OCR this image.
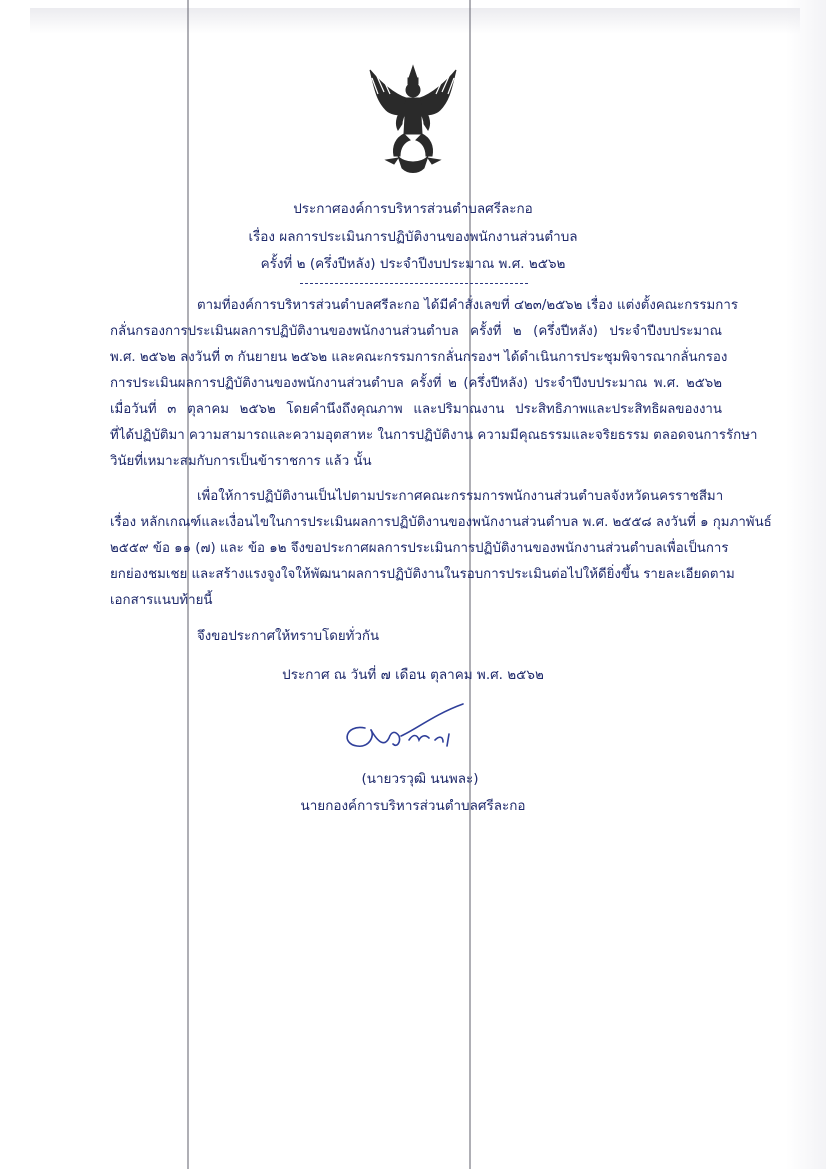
ประกาศองค์การบริหารส่วนตำบลศรีละกอ
เรื่อง ผลการประเมินการปฏิบัติงานของพนักงานส่วนตำบล
ครั้งที่ ๒ (ครึ่งปีหลัง) ประจำปีงบประมาณ พ.ศ. ๒๕๖๒
ตามที่องค์การบริหารส่วนตำบลศรีละกอ ได้มีคำสั่งเลขที่ ๔๒๓/๒๕๖๒ เรื่อง แต่งตั้งคณะกรรมการ
กลั่นกรองการประเมินผลการปฏิบัติงานของพนักงานส่วนตำบล ครั้งที่ ๒ (ครึ่งปีหลัง) ประจำปีงบประมาณ
พ.ศ. ๒๕๖๒ ลงวันที่ ๓ กันยายน ๒๕๖๒ และคณะกรรมการกลั่นกรองฯ ได้ดำเนินการประชุมพิจารณากลั่นกรอง
การประเมินผลการปฏิบัติงานของพนักงานส่วนตำบล ครั้งที่ ๒ (ครึ่งปีหลัง) ประจำปีงบประมาณ พ.ศ. ๒๕๖๒
เมื่อวันที่ ๓ ตุลาคม ๒๕๖๒ โดยคำนึงถึงคุณภาพ และปริมาณงาน ประสิทธิภาพและประสิทธิผลของงาน
ที่ได้ปฏิบัติมา ความสามารถและความอุตสาหะ ในการปฏิบัติงาน ความมีคุณธรรมและจริยธรรม ตลอดจนการรักษา
วินัยที่เหมาะสมกับการเป็นข้าราชการ แล้ว นั้น
เพื่อให้การปฏิบัติงานเป็นไปตามประกาศคณะกรรมการพนักงานส่วนตำบลจังหวัดนครราชสีมา
เรื่อง หลักเกณฑ์และเงื่อนไขในการประเมินผลการปฏิบัติงานของพนักงานส่วนตำบล พ.ศ. ๒๕๕๘ ลงวันที่ ๑ กุมภาพันธ์
๒๕๕๙ ข้อ ๑๑ (๗) และ ข้อ ๑๒ จึงขอประกาศผลการประเมินการปฏิบัติงานของพนักงานส่วนตำบลเพื่อเป็นการ
ยกย่องชมเชย และสร้างแรงจูงใจให้พัฒนาผลการปฏิบัติงานในรอบการประเมินต่อไปให้ดียิ่งขึ้น รายละเอียดตาม
เอกสารแนบท้ายนี้
จึงขอประกาศให้ทราบโดยทั่วกัน
ประกาศ ณ วันที่ ๗ เดือน ตุลาคม พ.ศ. ๒๕๖๒
(นายวรวุฒิ นนพละ)
นายกองค์การบริหารส่วนตำบลศรีละกอ
